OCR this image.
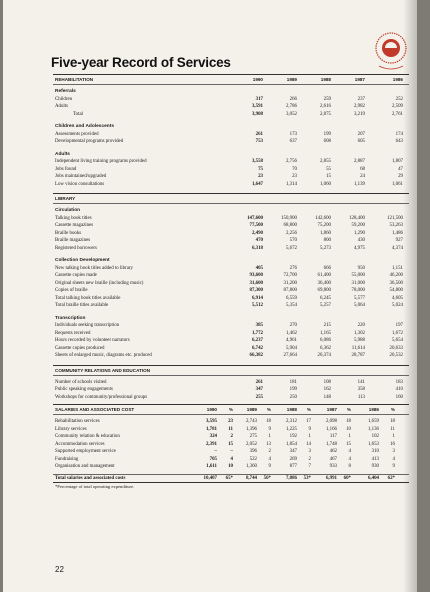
Five-year Record of Services
REHABILITATION	1990	1989	1988	1987	1986
Referrals
Children	317	266	259	237	252
Adults	3,591	2,786	2,616	2,982	2,509
Total	3,908	3,052	2,875	3,219	2,761
Children and Adolescents
Assessments provided	261	173	199	207	174
Developmental programs provided	753	637	608	605	643
Adults
Independent living training programs provided	3,558	2,756	2,855	2,887	1,807
Jobs found	75	70	55	68	47
Jobs maintained/upgraded	23	23	15	24	29
Low vision consultations	1,647	1,314	1,060	1,139	1,061
LIBRARY
Circulation
Talking book titles	147,600	150,900	142,600	128,400	121,500
Cassette magazines	77,500	68,800	75,200	59,200	53,263
Braille books	2,490	2,256	1,860	1,290	1,486
Braille magazines	470	570	800	430	927
Registered borrowers	6,318	5,672	5,273	4,975	4,374
Collection Development
New talking book titles added to library	405	276	666	950	1,151
Cassette copies made	93,600	72,700	61,400	55,000	46,200
Original sheets new braille (including music)	31,600	31,200	36,400	31,000	36,500
Copies of braille	87,300	87,800	69,800	78,000	54,800
Total talking book titles available	6,914	6,559	6,245	5,577	4,605
Total braille titles available	5,512	5,354	5,257	5,064	5,024
Transcription
Individuals seeking transcription	385	270	215	220	197
Requests received	1,772	1,462	1,165	1,302	1,672
Hours recorded by volunteer narrators	6,237	4,961	6,086	5,988	5,654
Cassette copies produced	6,742	5,904	6,362	11,614	20,633
Sheets of enlarged music, diagrams etc. produced	66,382	27,664	20,374	28,787	20,532
COMMUNITY RELATIONS AND EDUCATION
Number of schools visited	261	181	108	141	183
Public speaking engagements	347	199	162	358	410
Workshops for community/professional groups	255	250	148	113	160
SALARIES AND ASSOCIATED COST	1990	%	1989 %	1988 %	1987 %	1986	%
Rehabilitation services	3,595 23	2,743 18	2,312 17	2,098 18	1,659 18
Library services	1,781 11	1,396 9	1,225 9	1,166 10	1,136 11
Community relation & education	324	2	275 1	192 1	117 1	102	1
Accommodation services	2,391 15	2,052 13	1,854 14	1,748 15	1,653 16
Supported employment service	–	–	396 2	347 3	462 4	310	3
Fundraising	705	4	522 4	269 2	467 4	413	4
Organisation and management	1,611 10	1,360 9	877 7	933 8	930	9
Total salaries and associated costs	10,407 65*	8,744 56*	7,086 53*	6,991 60*	6,404 62*
*Percentage of total operating expenditure.
22
